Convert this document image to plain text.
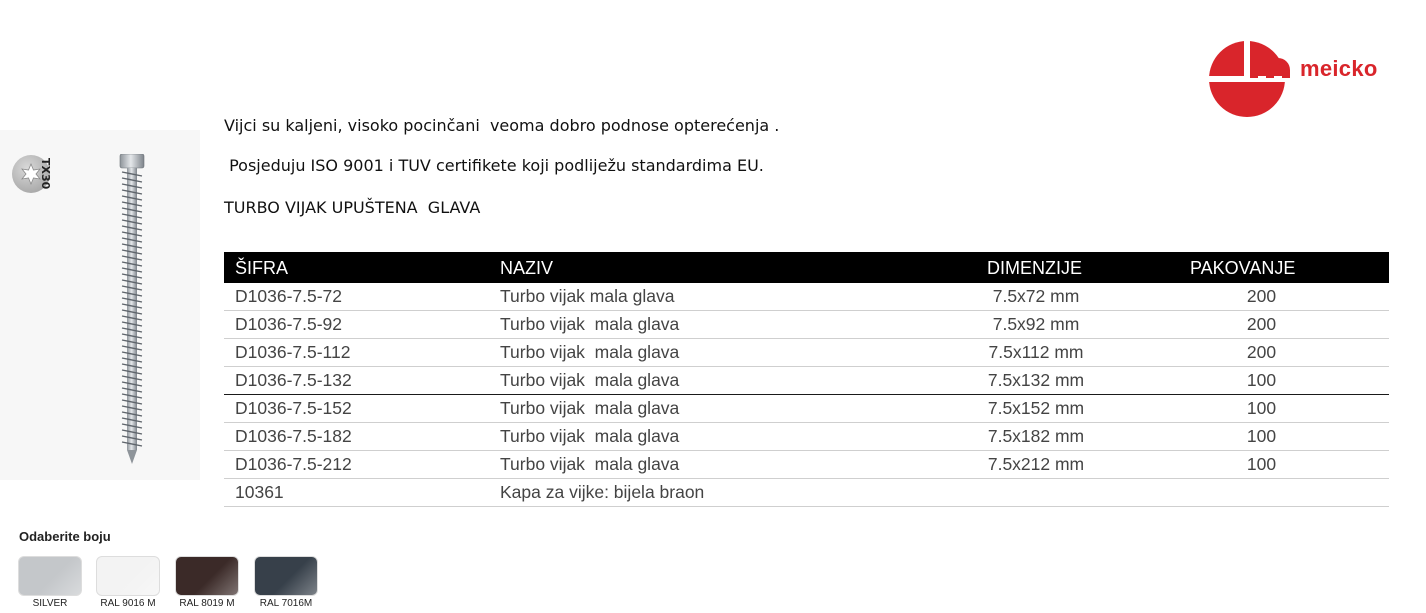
TX30
meicko
Vijci su kaljeni, visoko pocinčani  veoma dobro podnose opterećenja .
Posjeduju ISO 9001 i TUV certifikete koji podliježu standardima EU.
TURBO VIJAK UPUŠTENA  GLAVA
ŠIFRA	NAZIV	DIMENZIJE	PAKOVANJE
D1036-7.5-72	Turbo vijak mala glava	7.5x72 mm	200
D1036-7.5-92	Turbo vijak  mala glava	7.5x92 mm	200
D1036-7.5-112	Turbo vijak  mala glava	7.5x112 mm	200
D1036-7.5-132	Turbo vijak  mala glava	7.5x132 mm	100
D1036-7.5-152	Turbo vijak  mala glava	7.5x152 mm	100
D1036-7.5-182	Turbo vijak  mala glava	7.5x182 mm	100
D1036-7.5-212	Turbo vijak  mala glava	7.5x212 mm	100
10361	Kapa za vijke: bijela braon
Odaberite boju
SILVER	RAL 9016 M	RAL 8019 M	RAL 7016M
